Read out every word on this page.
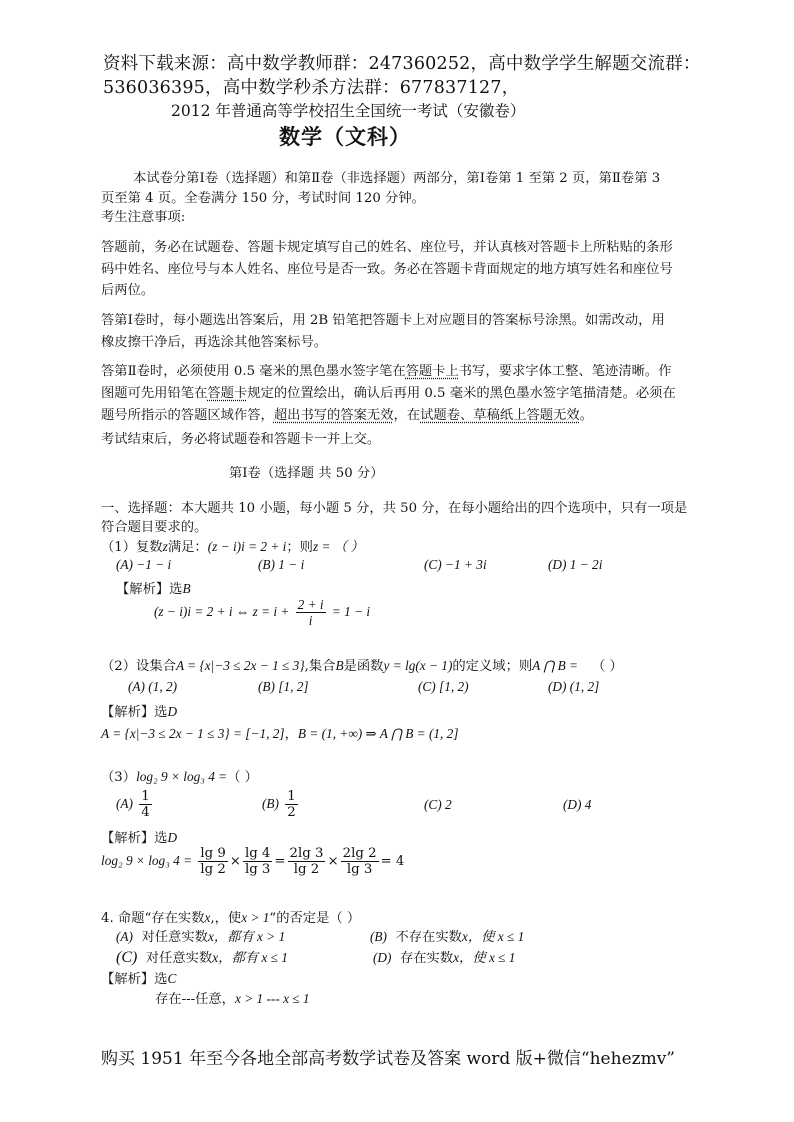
资料下载来源：高中数学教师群：247360252，高中数学学生解题交流群：
536036395，高中数学秒杀方法群：677837127，
2012 年普通高等学校招生全国统一考试（安徽卷）
数学（文科）
本试卷分第Ⅰ卷（选择题）和第Ⅱ卷（非选择题）两部分，第Ⅰ卷第 1 至第 2 页，第Ⅱ卷第 3
页至第 4 页。全卷满分 150 分，考试时间 120 分钟。
考生注意事项:
答题前，务必在试题卷、答题卡规定填写自己的姓名、座位号，并认真核对答题卡上所粘贴的条形
码中姓名、座位号与本人姓名、座位号是否一致。务必在答题卡背面规定的地方填写姓名和座位号
后两位。
答第Ⅰ卷时，每小题选出答案后，用 2B 铅笔把答题卡上对应题目的答案标号涂黑。如需改动，用
橡皮擦干净后，再选涂其他答案标号。
答第Ⅱ卷时，必须使用 0.5 毫米的黑色墨水签字笔在答题卡上书写，要求字体工整、笔迹清晰。作
图题可先用铅笔在答题卡规定的位置绘出，确认后再用 0.5 毫米的黑色墨水签字笔描清楚。必须在
题号所指示的答题区域作答，超出书写的答案无效，在试题卷、草稿纸上答题无效。
考试结束后，务必将试题卷和答题卡一并上交。
第Ⅰ卷（选择题 共 50 分）
一、选择题：本大题共 10 小题，每小题 5 分，共 50 分，在每小题给出的四个选项中，只有一项是
符合题目要求的。
（1）复数z满足：(z − i)i = 2 + i；则z = （ ）
(A) −1 − i	(B) 1 − i	(C) −1 + 3i	(D) 1 − 2i
【解析】选B
(z − i)i = 2 + i ⇔ $z = i + \frac{2 + i}{i} = 1 - i$
（2）设集合A = {x|−3 ≤ 2x − 1 ≤ 3},集合B是函数y = lg(x − 1)的定义域；则A ⋂ B = （ ）
(A) (1, 2)	(B) [1, 2]	(C) [1, 2)	(D) (1, 2]
【解析】选D
A = {x|−3 ≤ 2x − 1 ≤ 3} = [−1, 2]，B = (1, +∞) ⇒ A ⋂ B = (1, 2]
（3）log₂ 9 × log₃ 4 =（ ）
$(A) \frac{1}{4}$	$(B) \frac{1}{2}$	(C) 2	(D) 4
【解析】选D
log₂ 9 × log₃ $4 = \frac{\lg 9}{\lg 2} \times \frac{\lg 4}{\lg 3} = \frac{2\lg 3}{\lg 2} \times \frac{2\lg 2}{\lg 3} = 4$
4. 命题“存在实数x,，使x > 1”的否定是（ ）
(A) 对任意实数x，都有 x > 1	(B) 不存在实数x，使 x ≤ 1
(C) 对任意实数x，都有 x ≤ 1	(D) 存在实数x，使 x ≤ 1
【解析】选C
存在---任意，x > 1 --- x ≤ 1
购买 1951 年至今各地全部高考数学试卷及答案 word 版+微信“hehezmv”
